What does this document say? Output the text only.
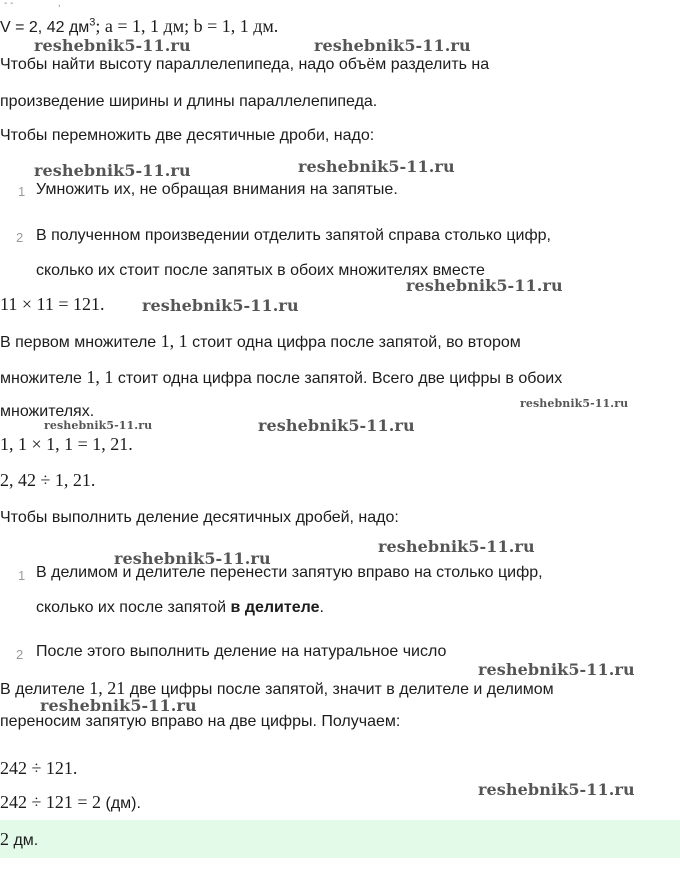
- -                ,
V = 2, 42 $дм^3$; a = 1, 1 дм; b = 1, 1 дм.
Чтобы найти высоту параллелепипеда, надо объём разделить на
произведение ширины и длины параллелепипеда.
Чтобы перемножить две десятичные дроби, надо:
1 Умножить их, не обращая внимания на запятые.
2 В полученном произведении отделить запятой справа столько цифр,
сколько их стоит после запятых в обоих множителях вместе
11 × 11 = 121.
В первом множителе 1, 1 стоит одна цифра после запятой, во втором
множителе 1, 1 стоит одна цифра после запятой. Всего две цифры в обоих
множителях.
1, 1 × 1, 1 = 1, 21.
2, 42 ÷ 1, 21.
Чтобы выполнить деление десятичных дробей, надо:
1 В делимом и делителе перенести запятую вправо на столько цифр,
сколько их после запятой в делителе.
2 После этого выполнить деление на натуральное число
В делителе 1, 21 две цифры после запятой, значит в делителе и делимом
переносим запятую вправо на две цифры. Получаем:
242 ÷ 121.
242 ÷ 121 = 2 (дм).
2 дм.
reshebnik5-11.ru	reshebnik5-11.ru
reshebnik5-11.ru	reshebnik5-11.ru
reshebnik5-11.ru
reshebnik5-11.ru
reshebnik5-11.ru
reshebnik5-11.ru	reshebnik5-11.ru
reshebnik5-11.ru
reshebnik5-11.ru
reshebnik5-11.ru
reshebnik5-11.ru
reshebnik5-11.ru
